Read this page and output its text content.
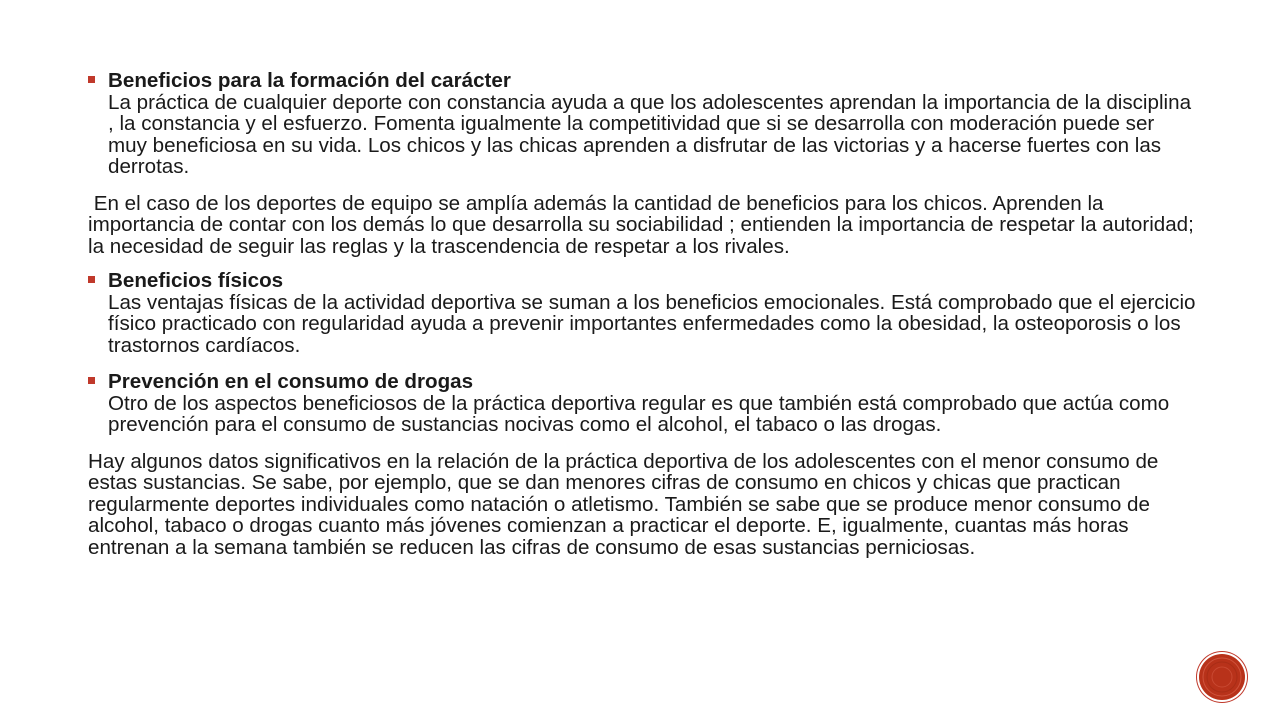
Beneficios para la formación del carácter
La práctica de cualquier deporte con constancia ayuda a que los adolescentes aprendan la importancia de la disciplina , la constancia y el esfuerzo. Fomenta igualmente la competitividad que si se desarrolla con moderación puede ser muy beneficiosa en su vida. Los chicos y las chicas aprenden a disfrutar de las victorias y a hacerse fuertes con las derrotas.
En el caso de los deportes de equipo se amplía además la cantidad de beneficios para los chicos. Aprenden la importancia de contar con los demás lo que desarrolla su sociabilidad ; entienden la importancia de respetar la autoridad; la necesidad de seguir las reglas y la trascendencia de respetar a los rivales.
Beneficios físicos
Las ventajas físicas de la actividad deportiva se suman a los beneficios emocionales. Está comprobado que el ejercicio físico practicado con regularidad ayuda a prevenir importantes enfermedades como la obesidad, la osteoporosis o los trastornos cardíacos.
Prevención en el consumo de drogas
Otro de los aspectos beneficiosos de la práctica deportiva regular es que también está comprobado que actúa como prevención para el consumo de sustancias nocivas como el alcohol, el tabaco o las drogas.
Hay algunos datos significativos en la relación de la práctica deportiva de los adolescentes con el menor consumo de estas sustancias. Se sabe, por ejemplo, que se dan menores cifras de consumo en chicos y chicas que practican regularmente deportes individuales como natación o atletismo. También se sabe que se produce menor consumo de alcohol, tabaco o drogas cuanto más jóvenes comienzan a practicar el deporte. E, igualmente, cuantas más horas entrenan a la semana también se reducen las cifras de consumo de esas sustancias perniciosas.
